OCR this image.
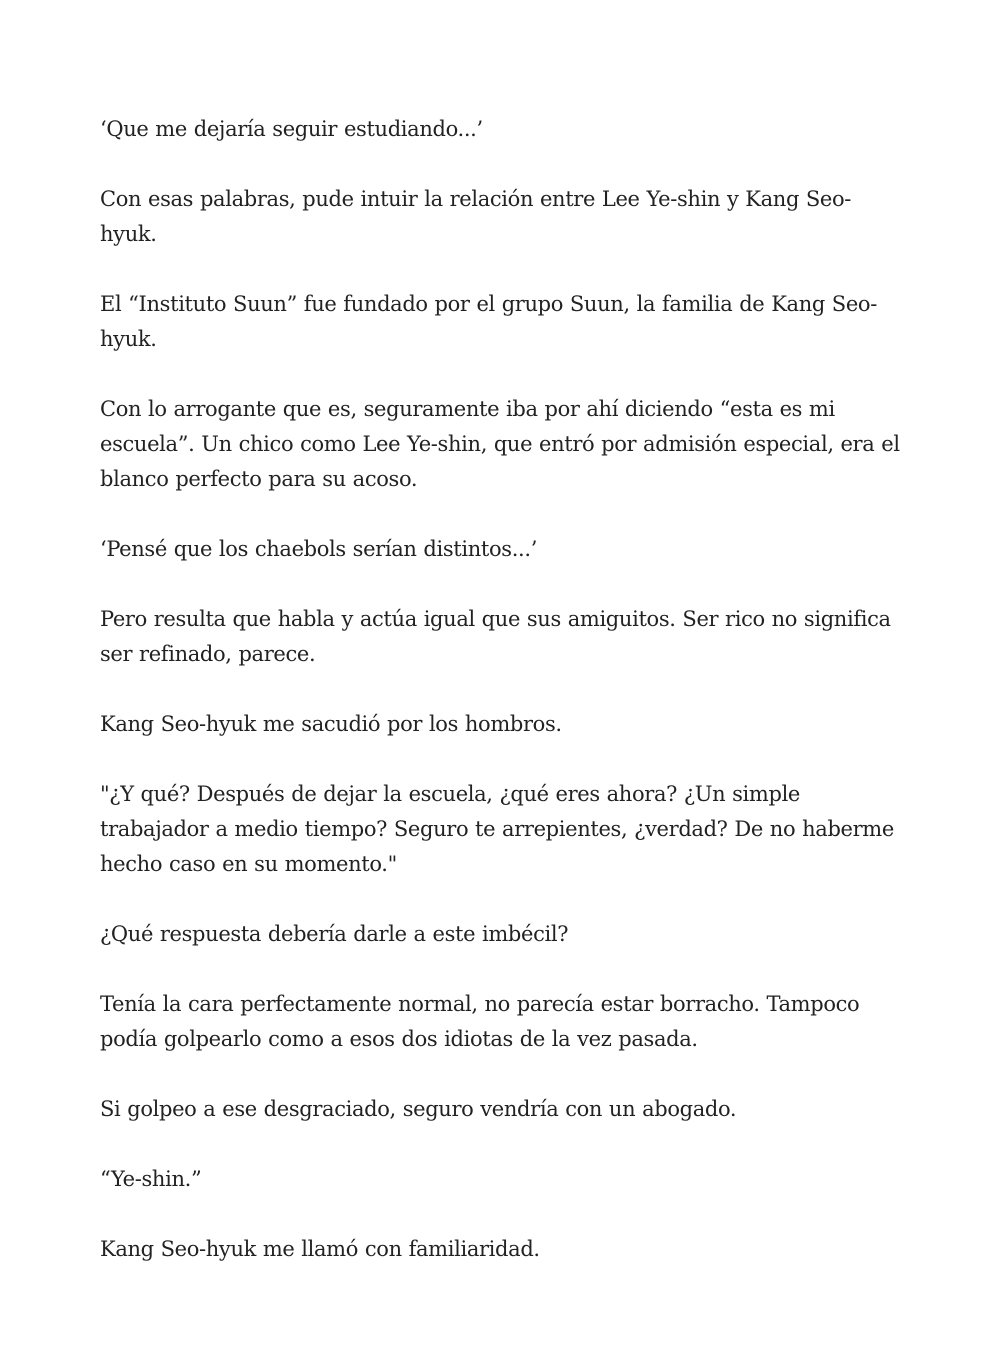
‘Que me dejaría seguir estudiando...’

Con esas palabras, pude intuir la relación entre Lee Ye-shin y Kang Seo-hyuk.

El “Instituto Suun” fue fundado por el grupo Suun, la familia de Kang Seo-hyuk.

Con lo arrogante que es, seguramente iba por ahí diciendo “esta es mi escuela”. Un chico como Lee Ye-shin, que entró por admisión especial, era el blanco perfecto para su acoso.

‘Pensé que los chaebols serían distintos...’

Pero resulta que habla y actúa igual que sus amiguitos. Ser rico no significa ser refinado, parece.

Kang Seo-hyuk me sacudió por los hombros.

"¿Y qué? Después de dejar la escuela, ¿qué eres ahora? ¿Un simple trabajador a medio tiempo? Seguro te arrepientes, ¿verdad? De no haberme hecho caso en su momento."

¿Qué respuesta debería darle a este imbécil?

Tenía la cara perfectamente normal, no parecía estar borracho. Tampoco podía golpearlo como a esos dos idiotas de la vez pasada.

Si golpeo a ese desgraciado, seguro vendría con un abogado.

“Ye-shin.”

Kang Seo-hyuk me llamó con familiaridad.
